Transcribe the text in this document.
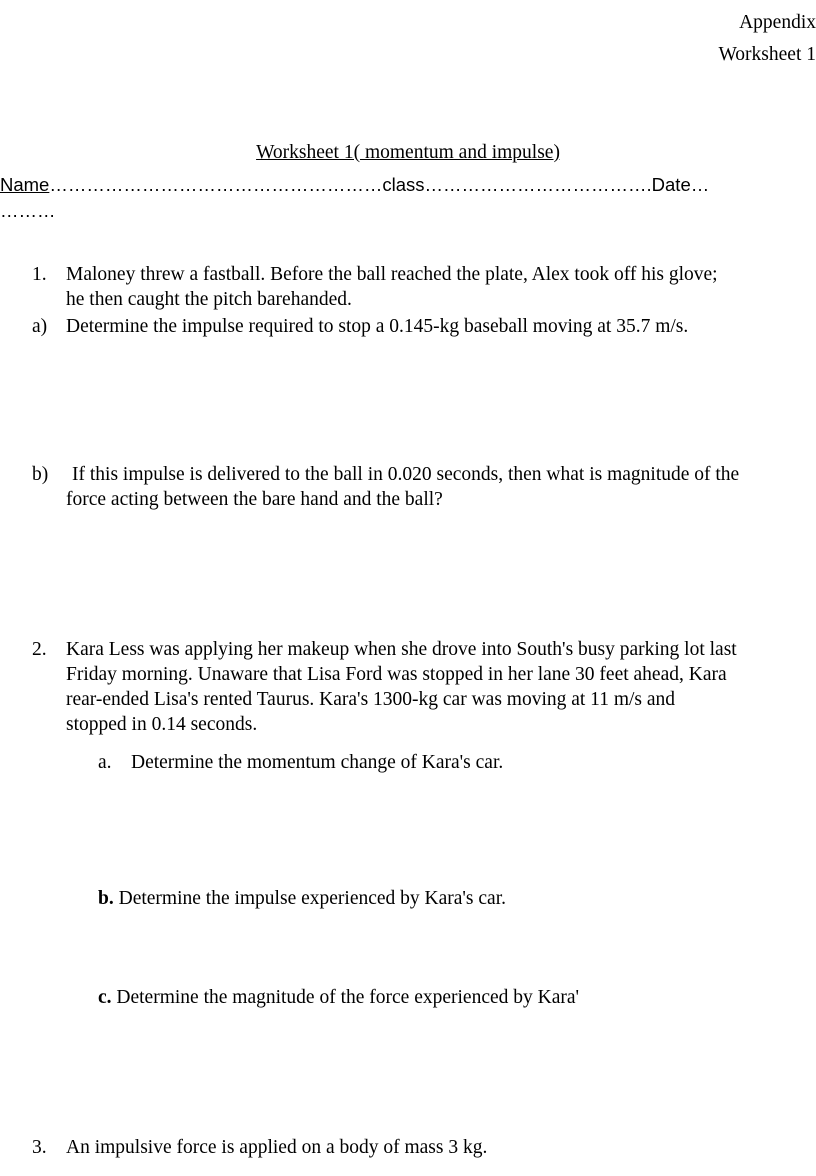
Appendix
Worksheet 1
Worksheet 1( momentum and impulse)
Name………………………………………………class……………………………….Date…
………
1. Maloney threw a fastball. Before the ball reached the plate, Alex took off his glove;
he then caught the pitch barehanded.
a) Determine the impulse required to stop a 0.145-kg baseball moving at 35.7 m/s.
b) If this impulse is delivered to the ball in 0.020 seconds, then what is magnitude of the
force acting between the bare hand and the ball?
2. Kara Less was applying her makeup when she drove into South's busy parking lot last
Friday morning. Unaware that Lisa Ford was stopped in her lane 30 feet ahead, Kara
rear-ended Lisa's rented Taurus. Kara's 1300-kg car was moving at 11 m/s and
stopped in 0.14 seconds.
a. Determine the momentum change of Kara's car.
b. Determine the impulse experienced by Kara's car.
c. Determine the magnitude of the force experienced by Kara'
3. An impulsive force is applied on a body of mass 3 kg.
